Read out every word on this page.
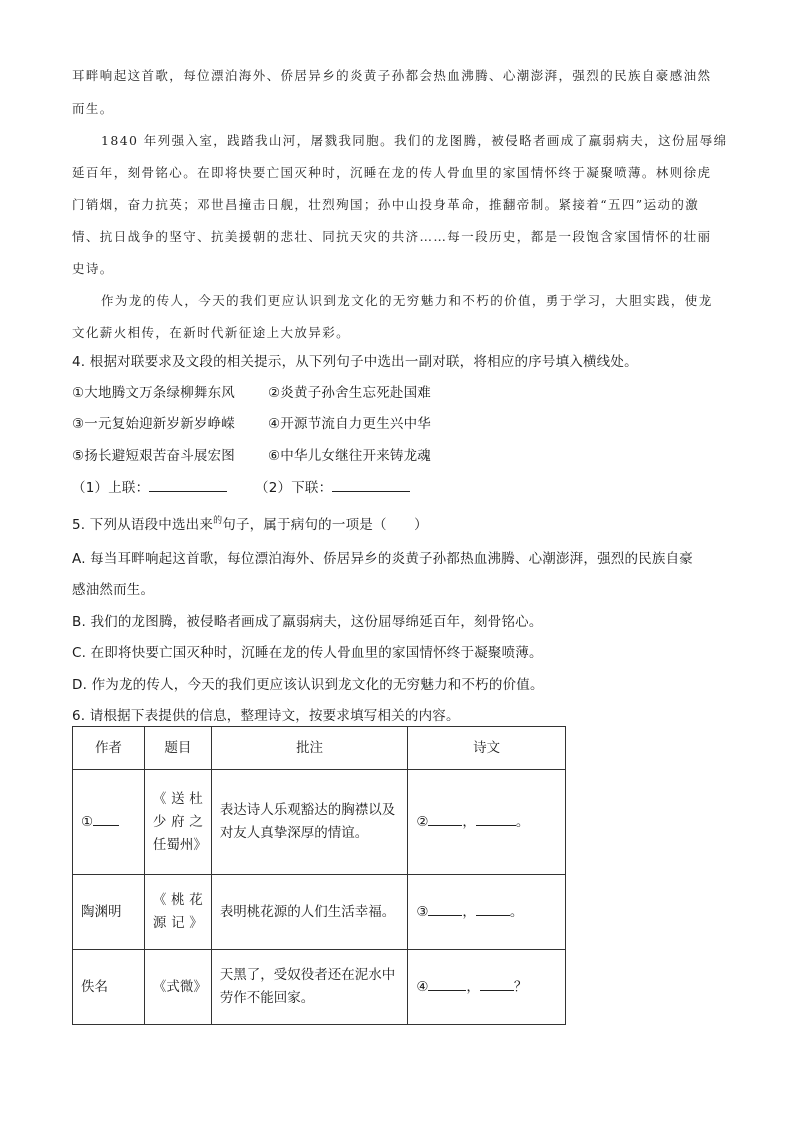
耳畔响起这首歌，每位漂泊海外、侨居异乡的炎黄子孙都会热血沸腾、心潮澎湃，强烈的民族自豪感油然
而生。
1840 年列强入室，践踏我山河，屠戮我同胞。我们的龙图腾，被侵略者画成了羸弱病夫，这份屈辱绵
延百年，刻骨铭心。在即将快要亡国灭种时，沉睡在龙的传人骨血里的家国情怀终于凝聚喷薄。林则徐虎
门销烟，奋力抗英；邓世昌撞击日舰，壮烈殉国；孙中山投身革命，推翻帝制。紧接着“五四”运动的激
情、抗日战争的坚守、抗美援朝的悲壮、同抗天灾的共济……每一段历史，都是一段饱含家国情怀的壮丽
史诗。
作为龙的传人，今天的我们更应认识到龙文化的无穷魅力和不朽的价值，勇于学习，大胆实践，使龙
文化薪火相传，在新时代新征途上大放异彩。
4. 根据对联要求及文段的相关提示，从下列句子中选出一副对联，将相应的序号填入横线处。
①大地腾文万条绿柳舞东风 ②炎黄子孙舍生忘死赴国难
③一元复始迎新岁新岁峥嵘 ④开源节流自力更生兴中华
⑤扬长避短艰苦奋斗展宏图 ⑥中华儿女继往开来铸龙魂
（1）上联：	（2）下联：
5. 下列从语段中选出来$^的$句子，属于病句的一项是（　　）
A. 每当耳畔响起这首歌，每位漂泊海外、侨居异乡的炎黄子孙都热血沸腾、心潮澎湃，强烈的民族自豪
感油然而生。
B. 我们的龙图腾，被侵略者画成了羸弱病夫，这份屈辱绵延百年，刻骨铭心。
C. 在即将快要亡国灭种时，沉睡在龙的传人骨血里的家国情怀终于凝聚喷薄。
D. 作为龙的传人，今天的我们更应该认识到龙文化的无穷魅力和不朽的价值。
6. 请根据下表提供的信息，整理诗文，按要求填写相关的内容。
作者	题目	批注	诗文
①	《送杜少府之任蜀州》	表达诗人乐观豁达的胸襟以及对友人真挚深厚的情谊。	② ， 。
陶渊明	《桃花源记》	表明桃花源的人们生活幸福。	③ ， 。
佚名	《式微》	天黑了，受奴役者还在泥水中劳作不能回家。	④ ， ？
